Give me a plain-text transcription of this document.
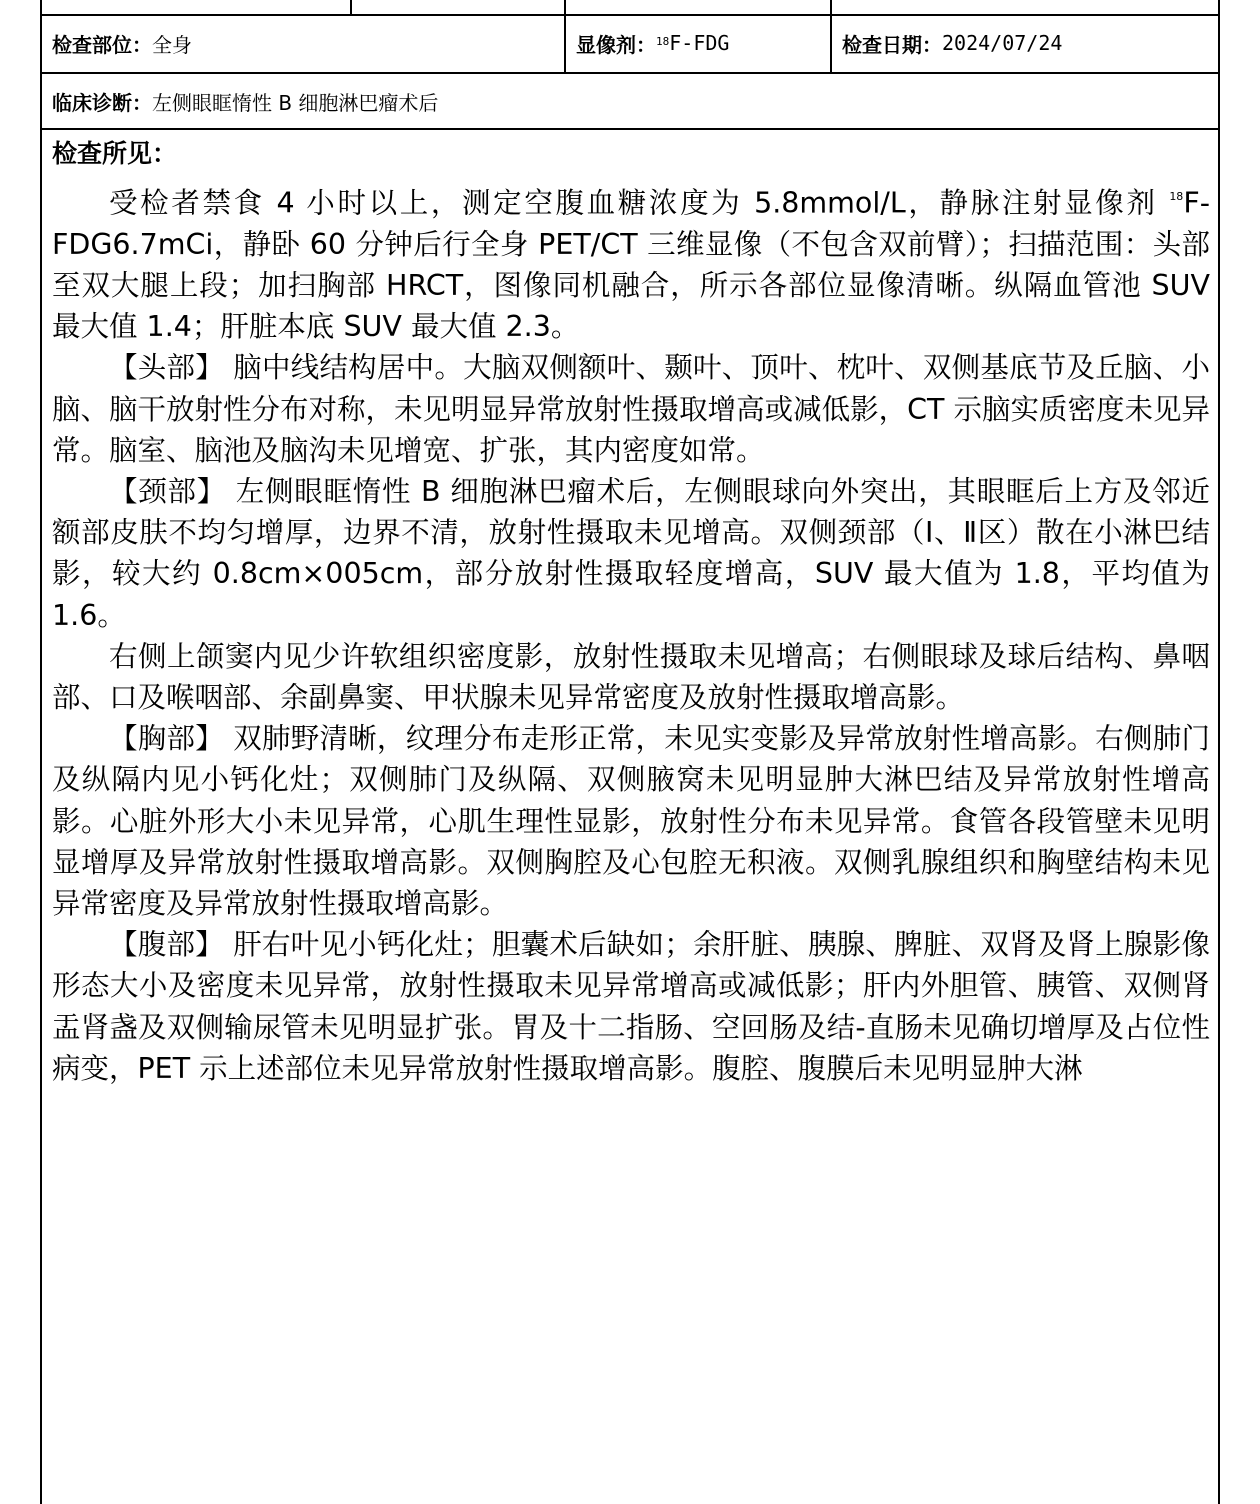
检查部位： 全身	显像剂： 18 F-FDG	检查日期： 2024/07/24
临床诊断： 左侧眼眶惰性 B 细胞淋巴瘤术后
检查所见：

受检者禁食 4 小时以上，测定空腹血糖浓度为 5.8mmol/L，静脉注射显像剂 $^{18}$F-FDG6.7mCi，静卧 60 分钟后行全身 PET/CT 三维显像（不包含双前臂）；扫描范围：头部至双大腿上段；加扫胸部 HRCT，图像同机融合，所示各部位显像清晰。纵隔血管池 SUV 最大值 1.4；肝脏本底 SUV 最大值 2.3。

【头部】 脑中线结构居中。大脑双侧额叶、颞叶、顶叶、枕叶、双侧基底节及丘脑、小脑、脑干放射性分布对称，未见明显异常放射性摄取增高或减低影，CT 示脑实质密度未见异常。脑室、脑池及脑沟未见增宽、扩张，其内密度如常。

【颈部】 左侧眼眶惰性 B 细胞淋巴瘤术后，左侧眼球向外突出，其眼眶后上方及邻近额部皮肤不均匀增厚，边界不清，放射性摄取未见增高。双侧颈部（Ⅰ、Ⅱ区）散在小淋巴结影，较大约 0.8cm×005cm，部分放射性摄取轻度增高，SUV 最大值为 1.8，平均值为 1.6。

右侧上颌窦内见少许软组织密度影，放射性摄取未见增高；右侧眼球及球后结构、鼻咽部、口及喉咽部、余副鼻窦、甲状腺未见异常密度及放射性摄取增高影。

【胸部】 双肺野清晰，纹理分布走形正常，未见实变影及异常放射性增高影。右侧肺门及纵隔内见小钙化灶；双侧肺门及纵隔、双侧腋窝未见明显肿大淋巴结及异常放射性增高影。心脏外形大小未见异常，心肌生理性显影，放射性分布未见异常。食管各段管壁未见明显增厚及异常放射性摄取增高影。双侧胸腔及心包腔无积液。双侧乳腺组织和胸壁结构未见异常密度及异常放射性摄取增高影。

【腹部】 肝右叶见小钙化灶；胆囊术后缺如；余肝脏、胰腺、脾脏、双肾及肾上腺影像形态大小及密度未见异常，放射性摄取未见异常增高或减低影；肝内外胆管、胰管、双侧肾盂肾盏及双侧输尿管未见明显扩张。胃及十二指肠、空回肠及结-直肠未见确切增厚及占位性病变，PET 示上述部位未见异常放射性摄取增高影。腹腔、腹膜后未见明显肿大淋
